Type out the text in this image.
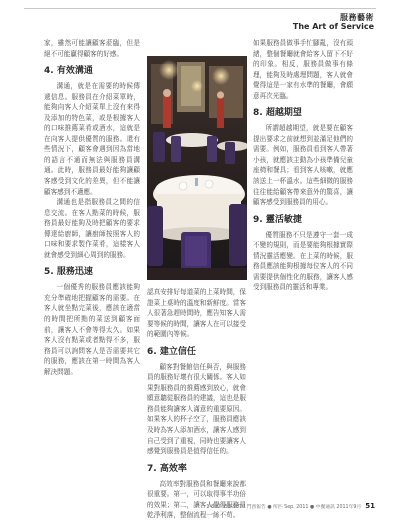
服務藝術
The Art of Service

家，雖然可能讓顧客蒞臨，但是絕不可能贏得顧客的好感。

4. 有效溝通

溝通，就是在需要的時候傳遞信息。服務員在介紹菜單時，能夠向客人介紹菜單上沒有來得及添加的特色菜，或是根據客人的口味推薦菜肴或酒水，這就是在向客人提供優質的服務。還有些情況下，顧客會遇到因為當地的語言不通而無法與服務員溝通。此時，服務員最好能夠讓顧客感受到文化的差異，但不能讓顧客感到不適應。

溝通也是指服務員之間的信息交流。在客人點菜的時候，服務員最好能夠及時把顧客的要求傳達給廚師，讓廚師按照客人的口味和要求製作菜肴，這樣客人就會感受到細心周到的服務。

5. 服務迅速

一個優秀的服務員應該能夠充分準確地把握顧客的需要。在客人就坐點完菜後，應該在適當的時間把所點的菜送到顧客面前，讓客人不會等得太久。如果客人沒有點菜或者點得不多，服務員可以詢問客人是否需要其它的服務，應該在第一時間為客人解決問題。

認真安排好每道菜的上菜時間，保證菜上桌時的溫度和新鮮度。當客人很著急趕時間時，應告知客人需要等候的時間，讓客人在可以接受的範圍內等候。

6. 建立信任

顧客對餐館信任與否，與服務員的服務好壞有很大關係。客人如果對服務員的推薦感到放心，就會願意聽從服務員的建議，這也是服務員能夠讓客人滿意的重要原因。如果客人的杯子空了，服務員應該及時為客人添加酒水，讓客人感到自己受到了重視，同時也要讓客人感覺到服務員是值得信任的。

7. 高效率

高效率對服務員和餐廳來說都很重要。第一，可以取得事半功倍的效果；第二，讓客人覺得服務員乾淨利落，整個流程一絲不苟。

如果服務員做事手忙腳亂，沒有頭緒，整個餐廳就會給客人留下不好的印象。相反，服務員做事有條理，能夠及時處理問題，客人就會覺得這是一家有水準的餐廳，會願意再次光臨。

8. 超越期望

所謂超越期望，就是要在顧客提出要求之前就想到並滿足他們的需要。例如，服務員看到客人帶著小孩，就應該主動為小孩準備兒童座椅和餐具；看到客人咳嗽，就應該送上一杯溫水。這些細微的服務往往能給顧客帶來意外的驚喜，讓顧客感受到服務員的用心。

9. 靈活敏捷

優質服務不只是遵守一套一成不變的規則，而是要能夠根據實際情況靈活應變。在上菜的時候，服務員應該能夠根據每位客人的不同需要提供個性化的服務，讓客人感受到服務員的靈活和專業。

1-800-555-9870 鬥酉報告 ● 所匹 Sep. 2011 ● 中餐通訊 2011年9月 51
